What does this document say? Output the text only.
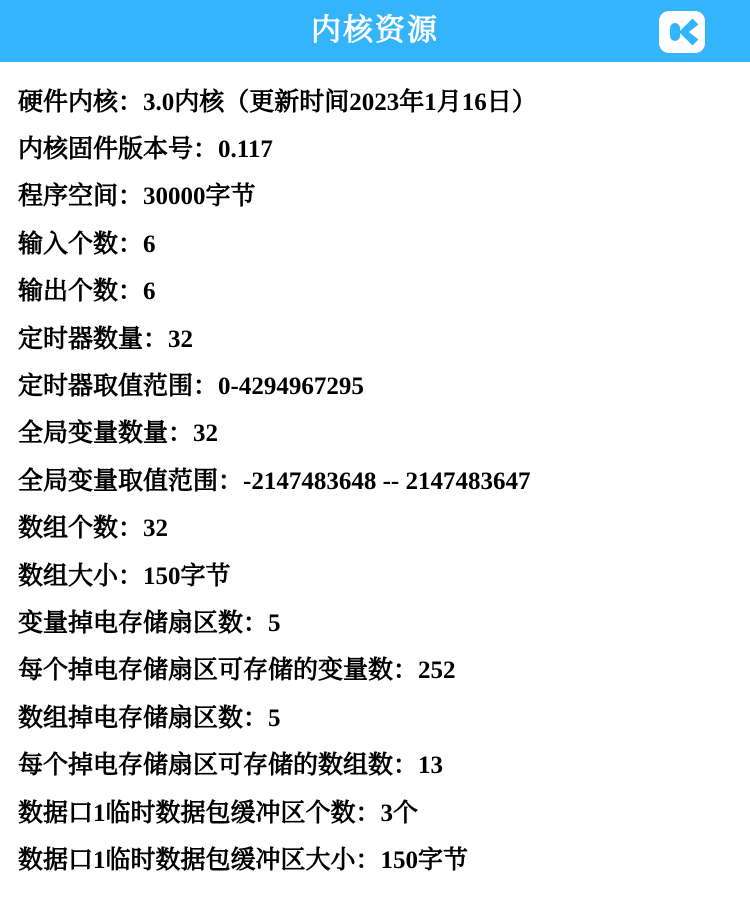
内核资源
硬件内核：3.0内核（更新时间2023年1月16日）
内核固件版本号：0.117
程序空间：30000字节
输入个数：6
输出个数：6
定时器数量：32
定时器取值范围：0-4294967295
全局变量数量：32
全局变量取值范围：-2147483648 -- 2147483647
数组个数：32
数组大小：150字节
变量掉电存储扇区数：5
每个掉电存储扇区可存储的变量数：252
数组掉电存储扇区数：5
每个掉电存储扇区可存储的数组数：13
数据口1临时数据包缓冲区个数：3个
数据口1临时数据包缓冲区大小：150字节
